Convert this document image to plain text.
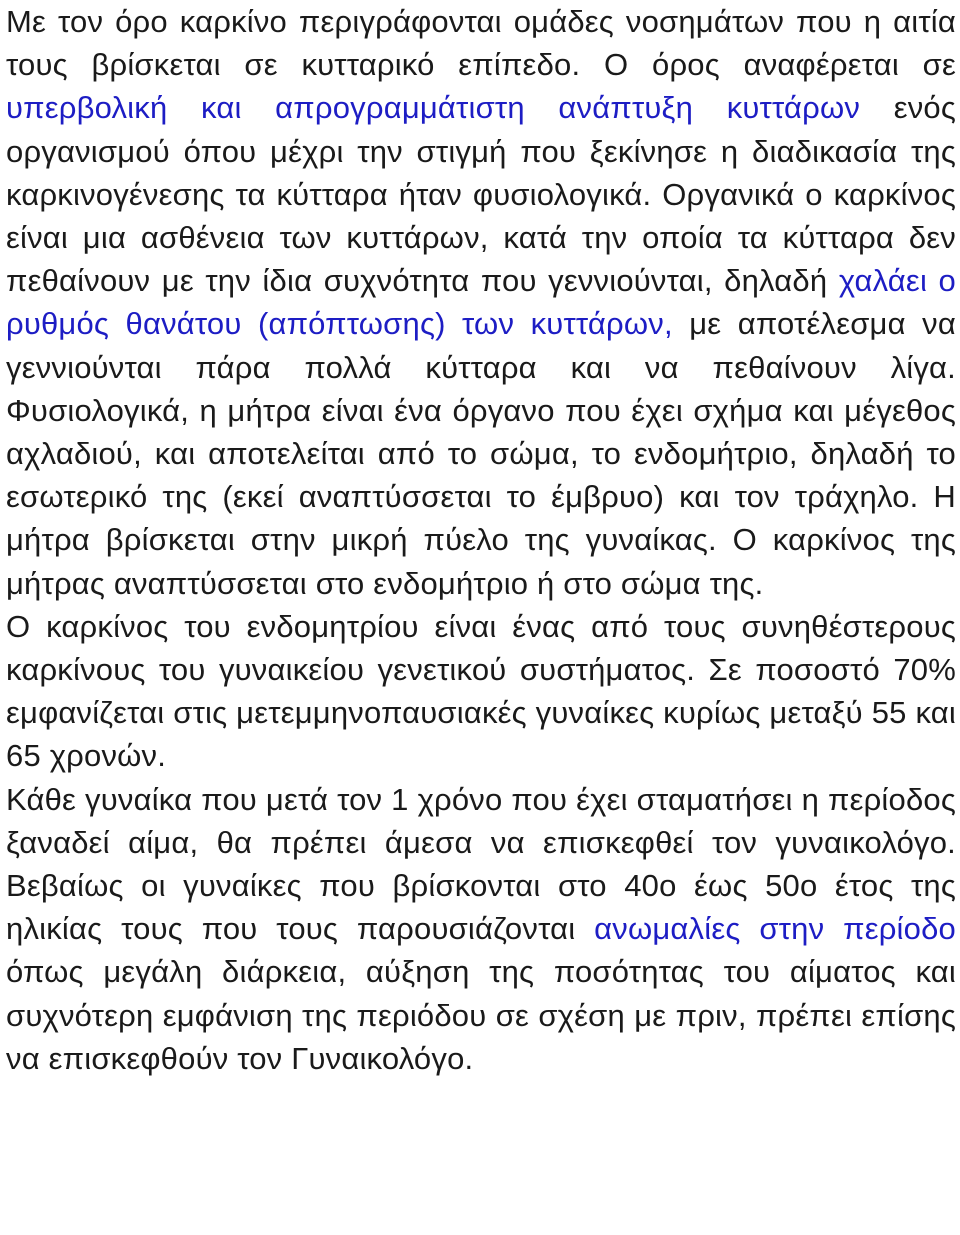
Με τον όρο καρκίνο περιγράφονται ομάδες νοσημάτων που η αιτία τους βρίσκεται σε κυτταρικό επίπεδο. Ο όρος αναφέρεται σε υπερβολική και απρογραμμάτιστη ανάπτυξη κυττάρων ενός οργανισμού όπου μέχρι την στιγμή που ξεκίνησε η διαδικασία της καρκινογένεσης τα κύτταρα ήταν φυσιολογικά. Οργανικά ο καρκίνος είναι μια ασθένεια των κυττάρων, κατά την οποία τα κύτταρα δεν πεθαίνουν με την ίδια συχνότητα που γεννιούνται, δηλαδή χαλάει ο ρυθμός θανάτου (απόπτωσης) των κυττάρων, με αποτέλεσμα να γεννιούνται πάρα πολλά κύτταρα και να πεθαίνουν λίγα. Φυσιολογικά, η μήτρα είναι ένα όργανο που έχει σχήμα και μέγεθος αχλαδιού, και αποτελείται από το σώμα, το ενδομήτριο, δηλαδή το εσωτερικό της (εκεί αναπτύσσεται το έμβρυο) και τον τράχηλο. Η μήτρα βρίσκεται στην μικρή πύελο της γυναίκας. Ο καρκίνος της μήτρας αναπτύσσεται στο ενδομήτριο ή στο σώμα της.

Ο καρκίνος του ενδομητρίου είναι ένας από τους συνηθέστερους καρκίνους του γυναικείου γενετικού συστήματος. Σε ποσοστό 70% εμφανίζεται στις μετεμμηνοπαυσιακές γυναίκες κυρίως μεταξύ 55 και 65 χρονών.

Κάθε γυναίκα που μετά τον 1 χρόνο που έχει σταματήσει η περίοδος ξαναδεί αίμα, θα πρέπει άμεσα να επισκεφθεί τον γυναικολόγο. Βεβαίως οι γυναίκες που βρίσκονται στο 40ο έως 50ο έτος της ηλικίας τους που τους παρουσιάζονται ανωμαλίες στην περίοδο όπως μεγάλη διάρκεια, αύξηση της ποσότητας του αίματος και συχνότερη εμφάνιση της περιόδου σε σχέση με πριν, πρέπει επίσης να επισκεφθούν τον Γυναικολόγο.
